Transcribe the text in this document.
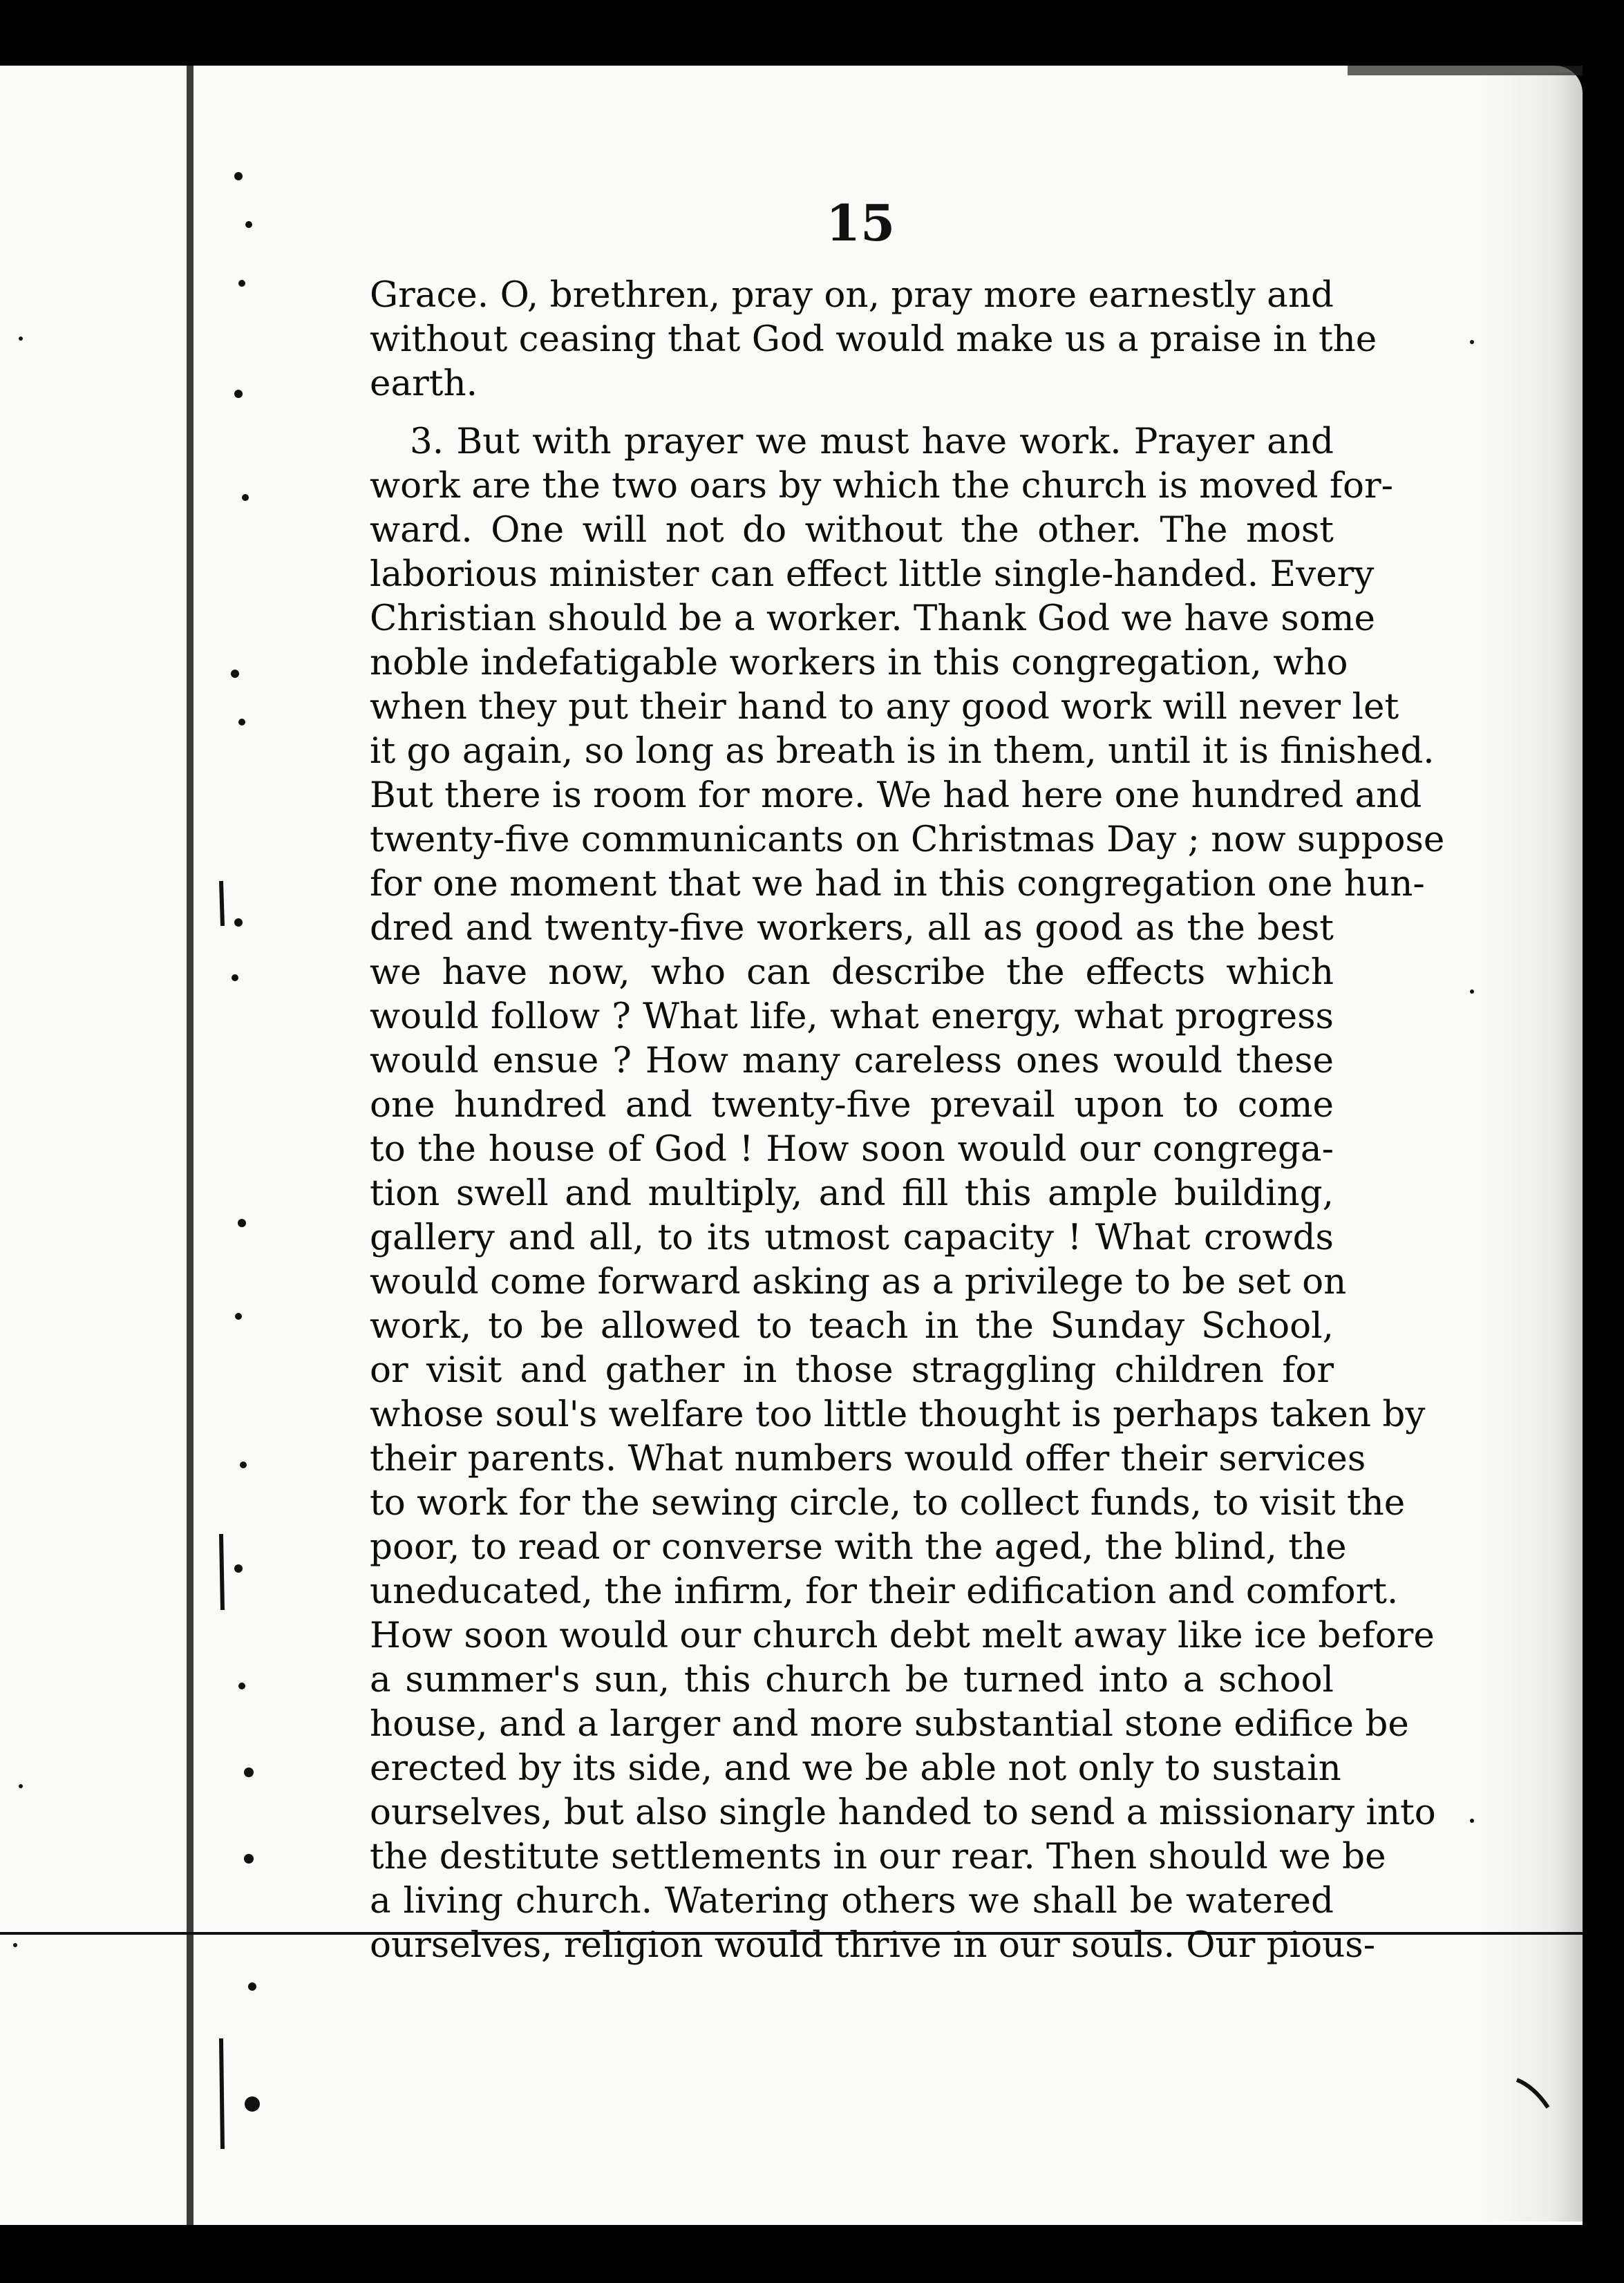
15

Grace. O, brethren, pray on, pray more earnestly and
without ceasing that God would make us a praise in the
earth.

3. But with prayer we must have work. Prayer and
work are the two oars by which the church is moved for-
ward. One will not do without the other. The most
laborious minister can effect little single-handed. Every
Christian should be a worker. Thank God we have some
noble indefatigable workers in this congregation, who
when they put their hand to any good work will never let
it go again, so long as breath is in them, until it is finished.
But there is room for more. We had here one hundred and
twenty-five communicants on Christmas Day ; now suppose
for one moment that we had in this congregation one hun-
dred and twenty-five workers, all as good as the best
we have now, who can describe the effects which
would follow ? What life, what energy, what progress
would ensue ? How many careless ones would these
one hundred and twenty-five prevail upon to come
to the house of God ! How soon would our congrega-
tion swell and multiply, and fill this ample building,
gallery and all, to its utmost capacity ! What crowds
would come forward asking as a privilege to be set on
work, to be allowed to teach in the Sunday School,
or visit and gather in those straggling children for
whose soul's welfare too little thought is perhaps taken by
their parents. What numbers would offer their services
to work for the sewing circle, to collect funds, to visit the
poor, to read or converse with the aged, the blind, the
uneducated, the infirm, for their edification and comfort.
How soon would our church debt melt away like ice before
a summer's sun, this church be turned into a school
house, and a larger and more substantial stone edifice be
erected by its side, and we be able not only to sustain
ourselves, but also single handed to send a missionary into
the destitute settlements in our rear. Then should we be
a living church. Watering others we shall be watered
ourselves, religion would thrive in our souls. Our pious-
